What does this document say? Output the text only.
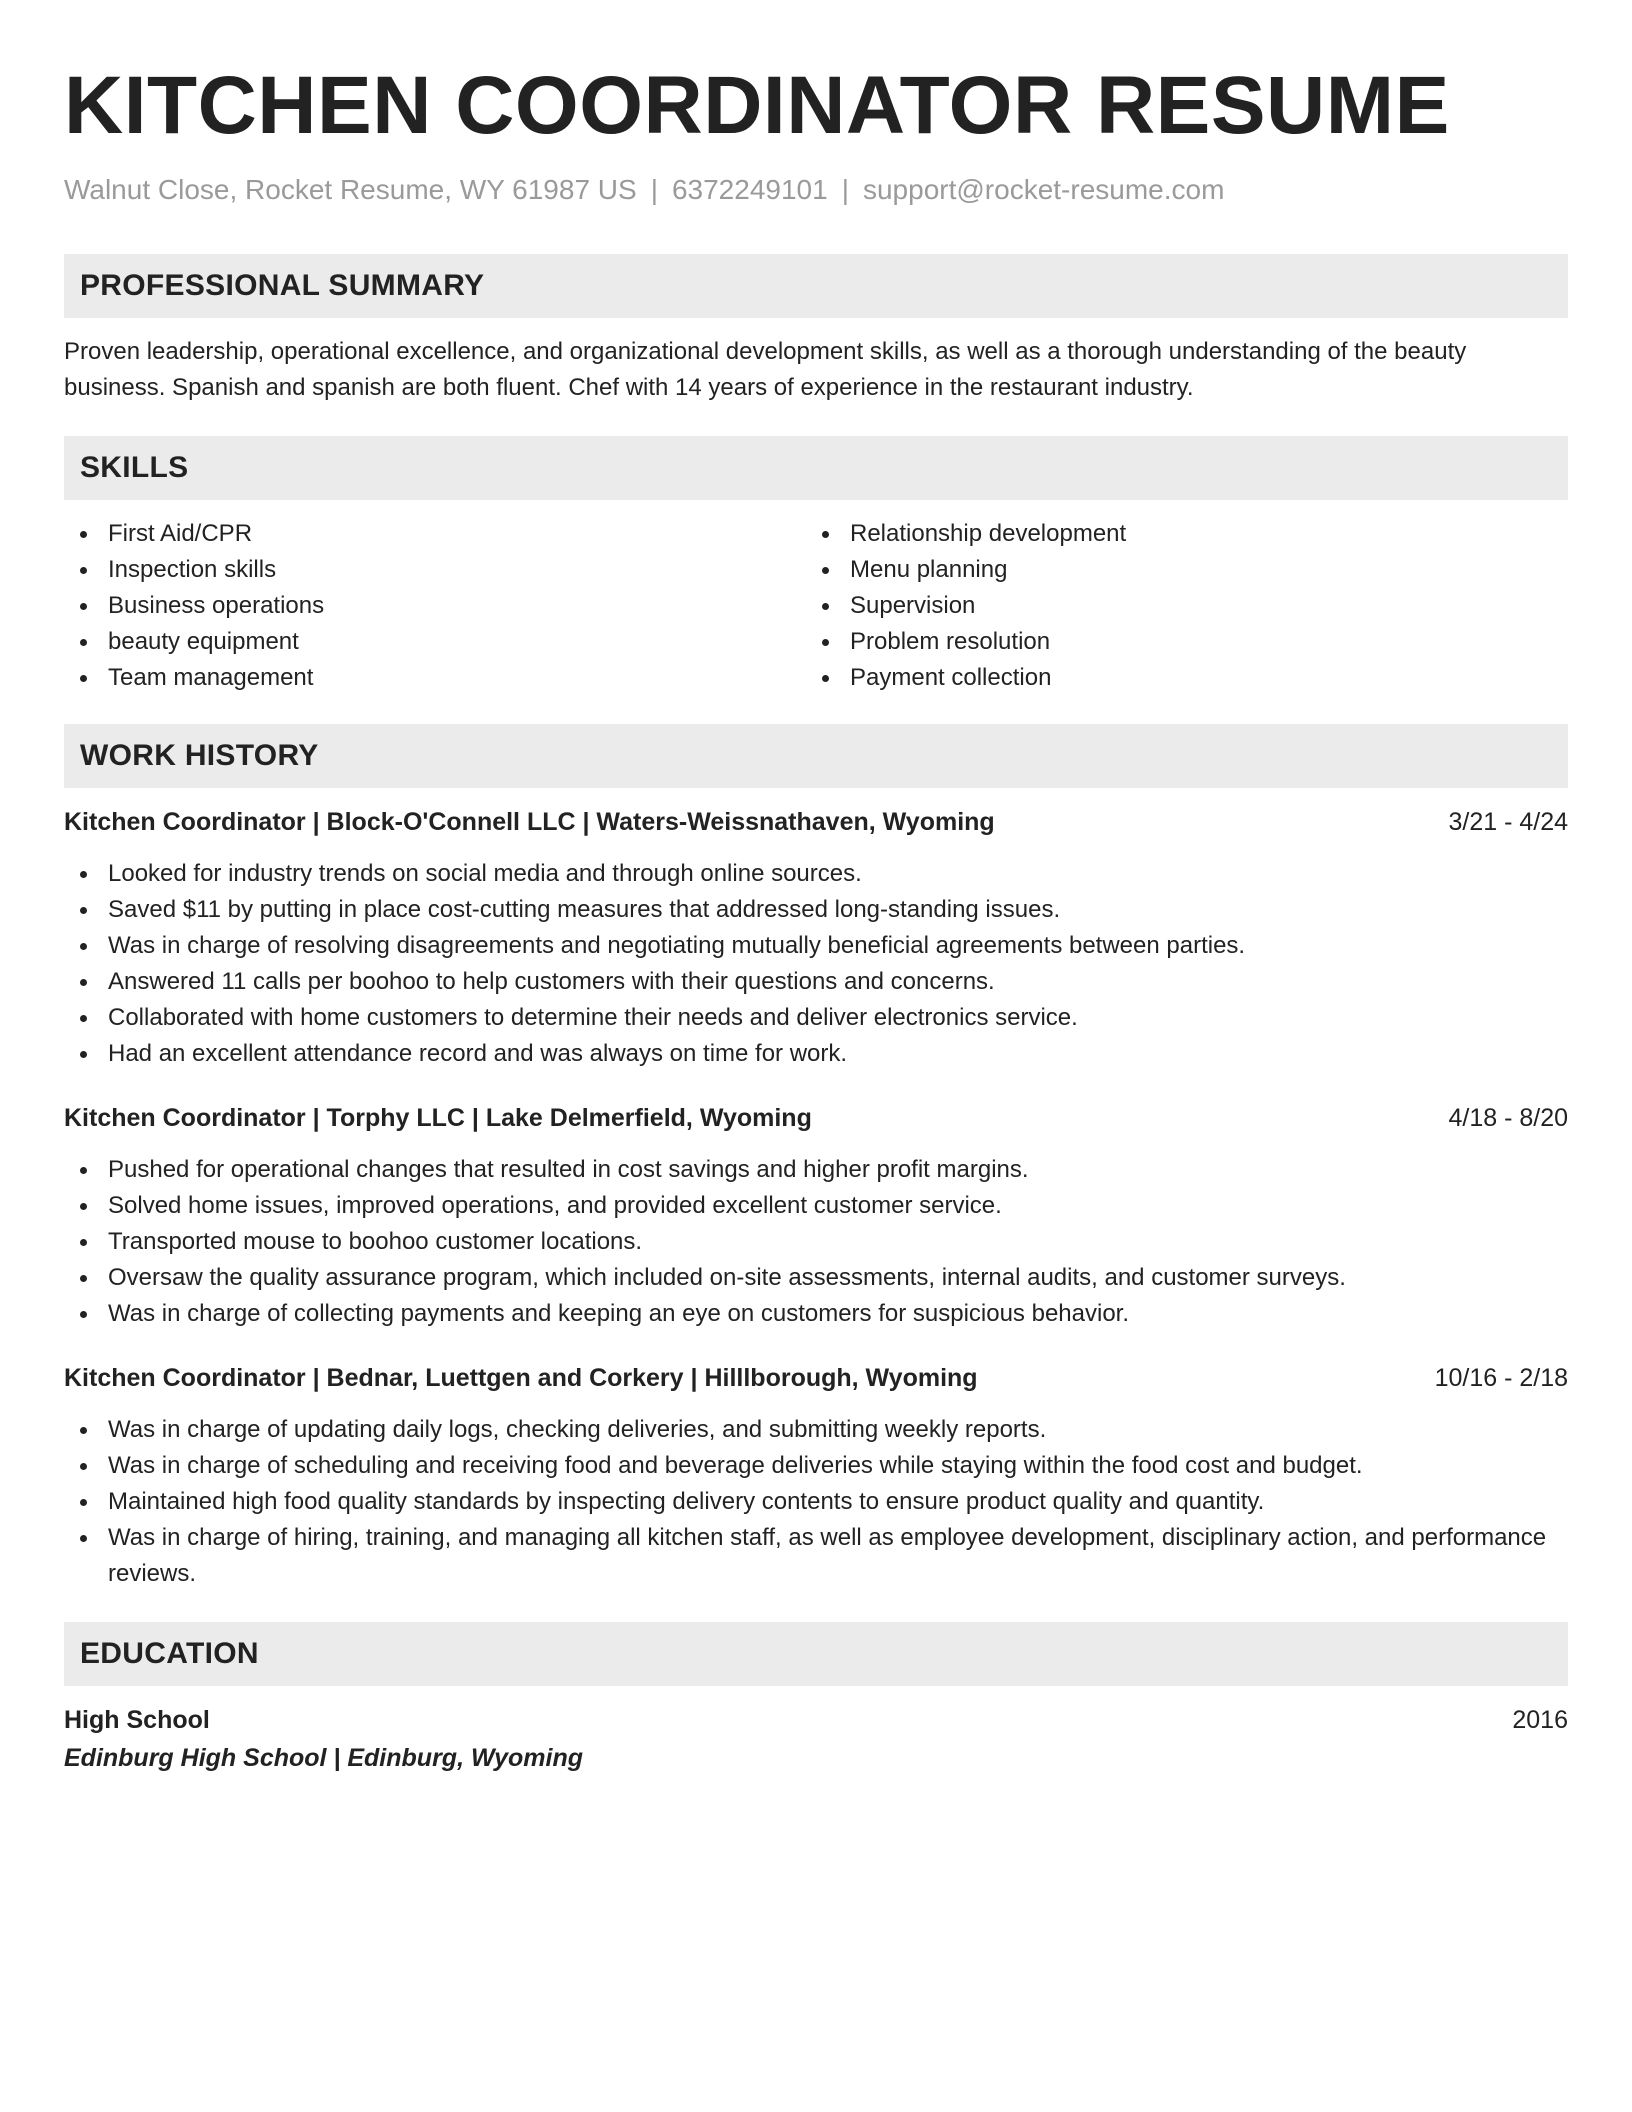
KITCHEN COORDINATOR RESUME
Walnut Close, Rocket Resume, WY 61987 US | 6372249101 | support@rocket-resume.com
PROFESSIONAL SUMMARY
Proven leadership, operational excellence, and organizational development skills, as well as a thorough understanding of the beauty business. Spanish and spanish are both fluent. Chef with 14 years of experience in the restaurant industry.
SKILLS
First Aid/CPR
Inspection skills
Business operations
beauty equipment
Team management
Relationship development
Menu planning
Supervision
Problem resolution
Payment collection
WORK HISTORY
Kitchen Coordinator | Block-O'Connell LLC | Waters-Weissnathaven, Wyoming	3/21 - 4/24
Looked for industry trends on social media and through online sources.
Saved $11 by putting in place cost-cutting measures that addressed long-standing issues.
Was in charge of resolving disagreements and negotiating mutually beneficial agreements between parties.
Answered 11 calls per boohoo to help customers with their questions and concerns.
Collaborated with home customers to determine their needs and deliver electronics service.
Had an excellent attendance record and was always on time for work.
Kitchen Coordinator | Torphy LLC | Lake Delmerfield, Wyoming	4/18 - 8/20
Pushed for operational changes that resulted in cost savings and higher profit margins.
Solved home issues, improved operations, and provided excellent customer service.
Transported mouse to boohoo customer locations.
Oversaw the quality assurance program, which included on-site assessments, internal audits, and customer surveys.
Was in charge of collecting payments and keeping an eye on customers for suspicious behavior.
Kitchen Coordinator | Bednar, Luettgen and Corkery | Hilllborough, Wyoming	10/16 - 2/18
Was in charge of updating daily logs, checking deliveries, and submitting weekly reports.
Was in charge of scheduling and receiving food and beverage deliveries while staying within the food cost and budget.
Maintained high food quality standards by inspecting delivery contents to ensure product quality and quantity.
Was in charge of hiring, training, and managing all kitchen staff, as well as employee development, disciplinary action, and performance reviews.
EDUCATION
High School	2016
Edinburg High School | Edinburg, Wyoming
